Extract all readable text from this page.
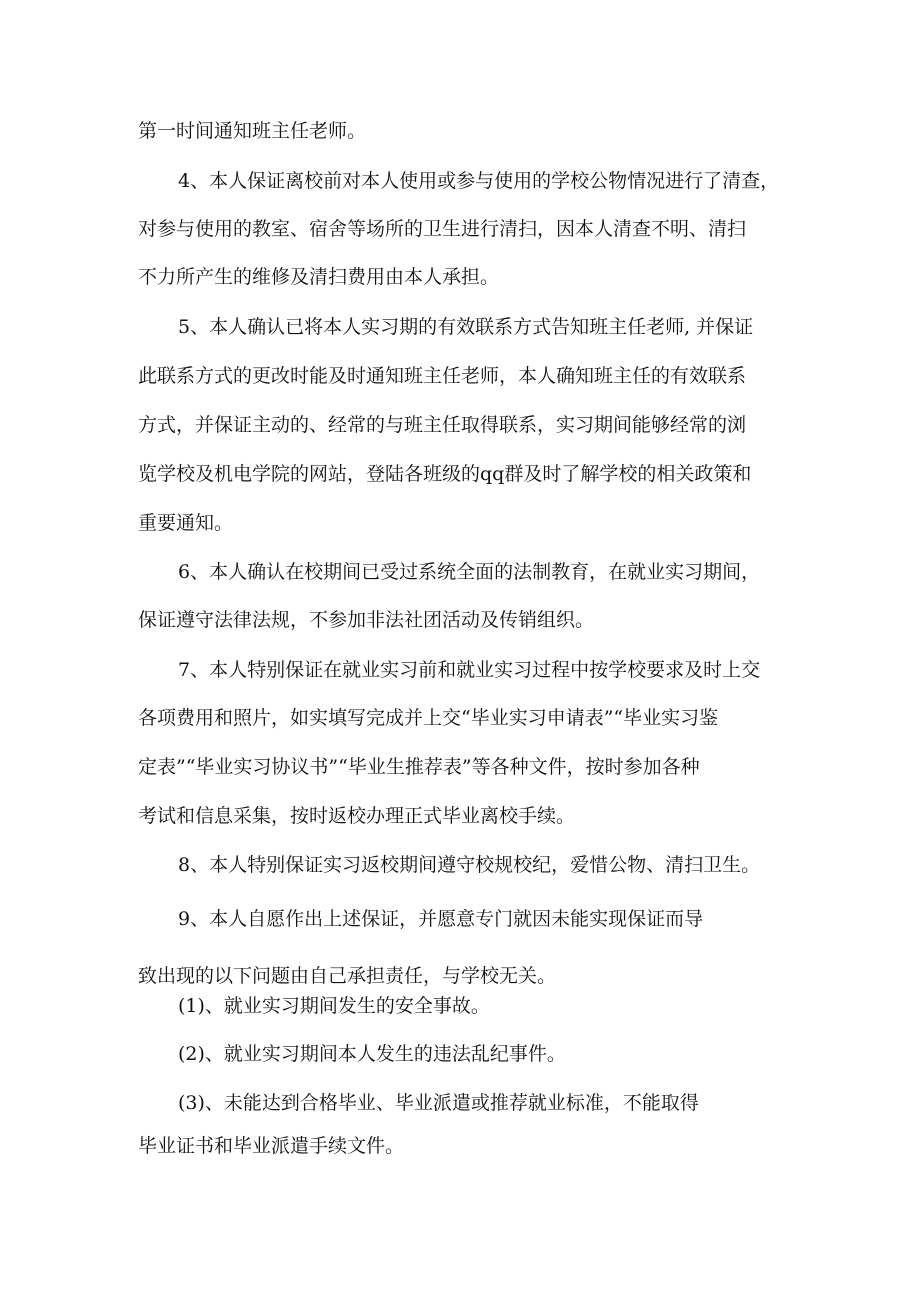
第一时间通知班主任老师。
4、本人保证离校前对本人使用或参与使用的学校公物情况进行了清查，
对参与使用的教室、宿舍等场所的卫生进行清扫，因本人清查不明、清扫
不力所产生的维修及清扫费用由本人承担。
5、本人确认已将本人实习期的有效联系方式告知班主任老师, 并保证
此联系方式的更改时能及时通知班主任老师，本人确知班主任的有效联系
方式，并保证主动的、经常的与班主任取得联系，实习期间能够经常的浏
览学校及机电学院的网站，登陆各班级的qq群及时了解学校的相关政策和
重要通知。
6、本人确认在校期间已受过系统全面的法制教育，在就业实习期间，
保证遵守法律法规，不参加非法社团活动及传销组织。
7、本人特别保证在就业实习前和就业实习过程中按学校要求及时上交
各项费用和照片，如实填写完成并上交“毕业实习申请表”“毕业实习鉴
定表”“毕业实习协议书”“毕业生推荐表”等各种文件，按时参加各种
考试和信息采集，按时返校办理正式毕业离校手续。
8、本人特别保证实习返校期间遵守校规校纪，爱惜公物、清扫卫生。
9、本人自愿作出上述保证，并愿意专门就因未能实现保证而导
致出现的以下问题由自己承担责任，与学校无关。
(1)、就业实习期间发生的安全事故。
(2)、就业实习期间本人发生的违法乱纪事件。
(3)、未能达到合格毕业、毕业派遣或推荐就业标准，不能取得
毕业证书和毕业派遣手续文件。
